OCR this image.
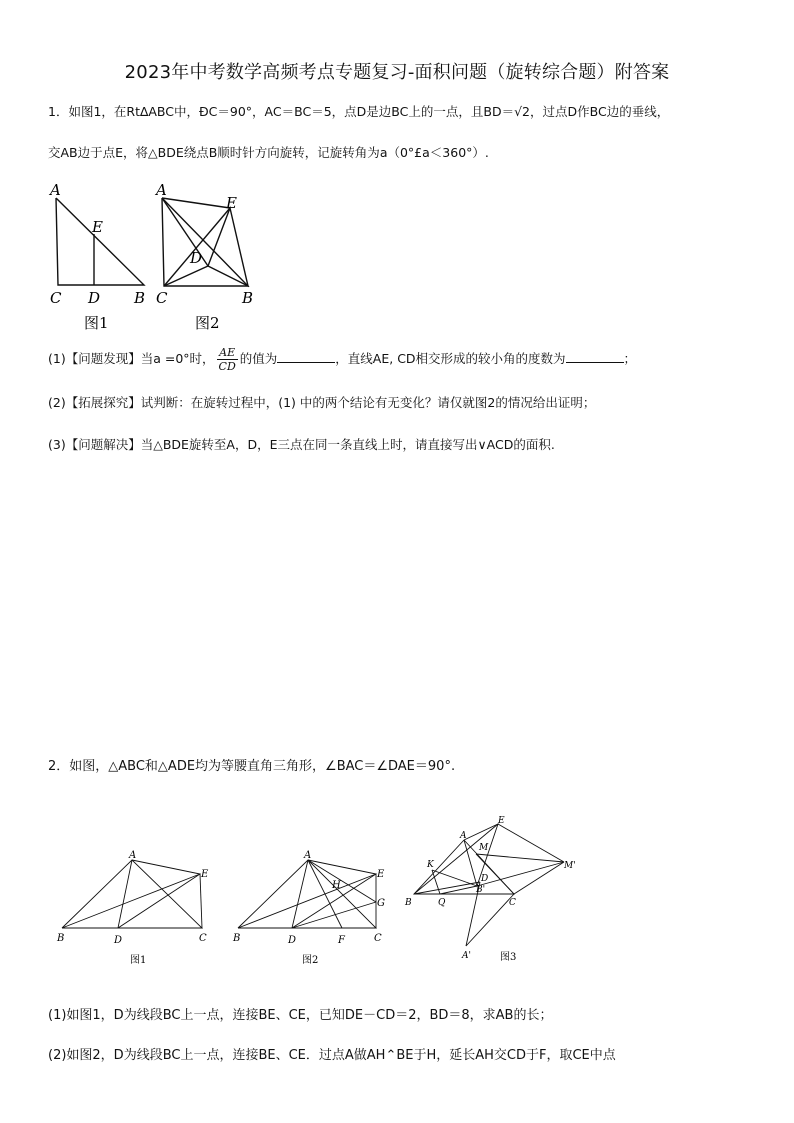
2023年中考数学高频考点专题复习-面积问题（旋转综合题）附答案
1．如图1，在Rt∆ABC中，ÐC＝90°，AC＝BC＝5，点D是边BC上的一点，且BD＝√2，过点D作BC边的垂线，
交AB边于点E，将△BDE绕点B顺时针方向旋转，记旋转角为a（0°£a＜360°）.
A
E
C D B
图1
A
E
D
C	B
图2
(1)【问题发现】当a =0°时， $\frac{AE}{CD}$ 的值为	，直线AE, CD相交形成的较小角的度数为	；
(2)【拓展探究】试判断：在旋转过程中，(1) 中的两个结论有无变化？请仅就图2的情况给出证明；
(3)【问题解决】当△BDE旋转至A，D，E三点在同一条直线上时，请直接写出∨ACD的面积.
2．如图，△ABC和△ADE均为等腰直角三角形，∠BAC＝∠DAE＝90°.
A
E
B	D	C
图1
A
H
E
G
B	D	F	C
图2
A
E
M
M'
K
D
B'
B	Q	C
A'	图3
(1)如图1，D为线段BC上一点，连接BE、CE，已知DE－CD＝2，BD＝8，求AB的长；
(2)如图2，D为线段BC上一点，连接BE、CE．过点A做AH⌃BE于H，延长AH交CD于F，取CE中点
